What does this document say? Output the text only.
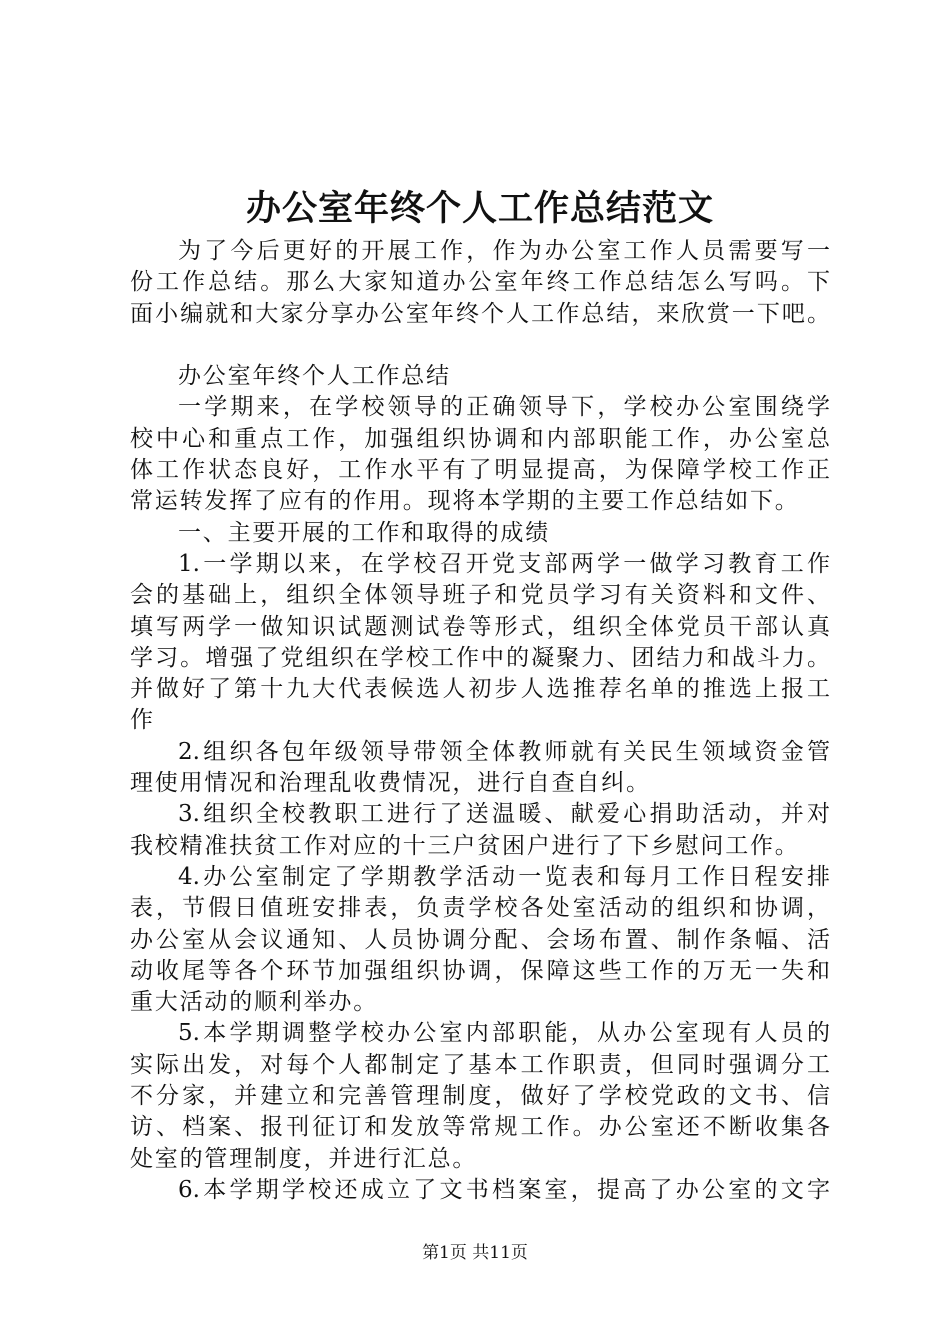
办公室年终个人工作总结范文
为了今后更好的开展工作，作为办公室工作人员需要写一
份工作总结。那么大家知道办公室年终工作总结怎么写吗。下
面小编就和大家分享办公室年终个人工作总结，来欣赏一下吧。
办公室年终个人工作总结
一学期来，在学校领导的正确领导下，学校办公室围绕学
校中心和重点工作，加强组织协调和内部职能工作，办公室总
体工作状态良好，工作水平有了明显提高，为保障学校工作正
常运转发挥了应有的作用。现将本学期的主要工作总结如下。
一、主要开展的工作和取得的成绩
1.一学期以来，在学校召开党支部两学一做学习教育工作
会的基础上，组织全体领导班子和党员学习有关资料和文件、
填写两学一做知识试题测试卷等形式，组织全体党员干部认真
学习。增强了党组织在学校工作中的凝聚力、团结力和战斗力。
并做好了第十九大代表候选人初步人选推荐名单的推选上报工
作
2.组织各包年级领导带领全体教师就有关民生领域资金管
理使用情况和治理乱收费情况，进行自查自纠。
3.组织全校教职工进行了送温暖、献爱心捐助活动，并对
我校精准扶贫工作对应的十三户贫困户进行了下乡慰问工作。
4.办公室制定了学期教学活动一览表和每月工作日程安排
表，节假日值班安排表，负责学校各处室活动的组织和协调，
办公室从会议通知、人员协调分配、会场布置、制作条幅、活
动收尾等各个环节加强组织协调，保障这些工作的万无一失和
重大活动的顺利举办。
5.本学期调整学校办公室内部职能，从办公室现有人员的
实际出发，对每个人都制定了基本工作职责，但同时强调分工
不分家，并建立和完善管理制度，做好了学校党政的文书、信
访、档案、报刊征订和发放等常规工作。办公室还不断收集各
处室的管理制度，并进行汇总。
6.本学期学校还成立了文书档案室，提高了办公室的文字
第1页 共11页
